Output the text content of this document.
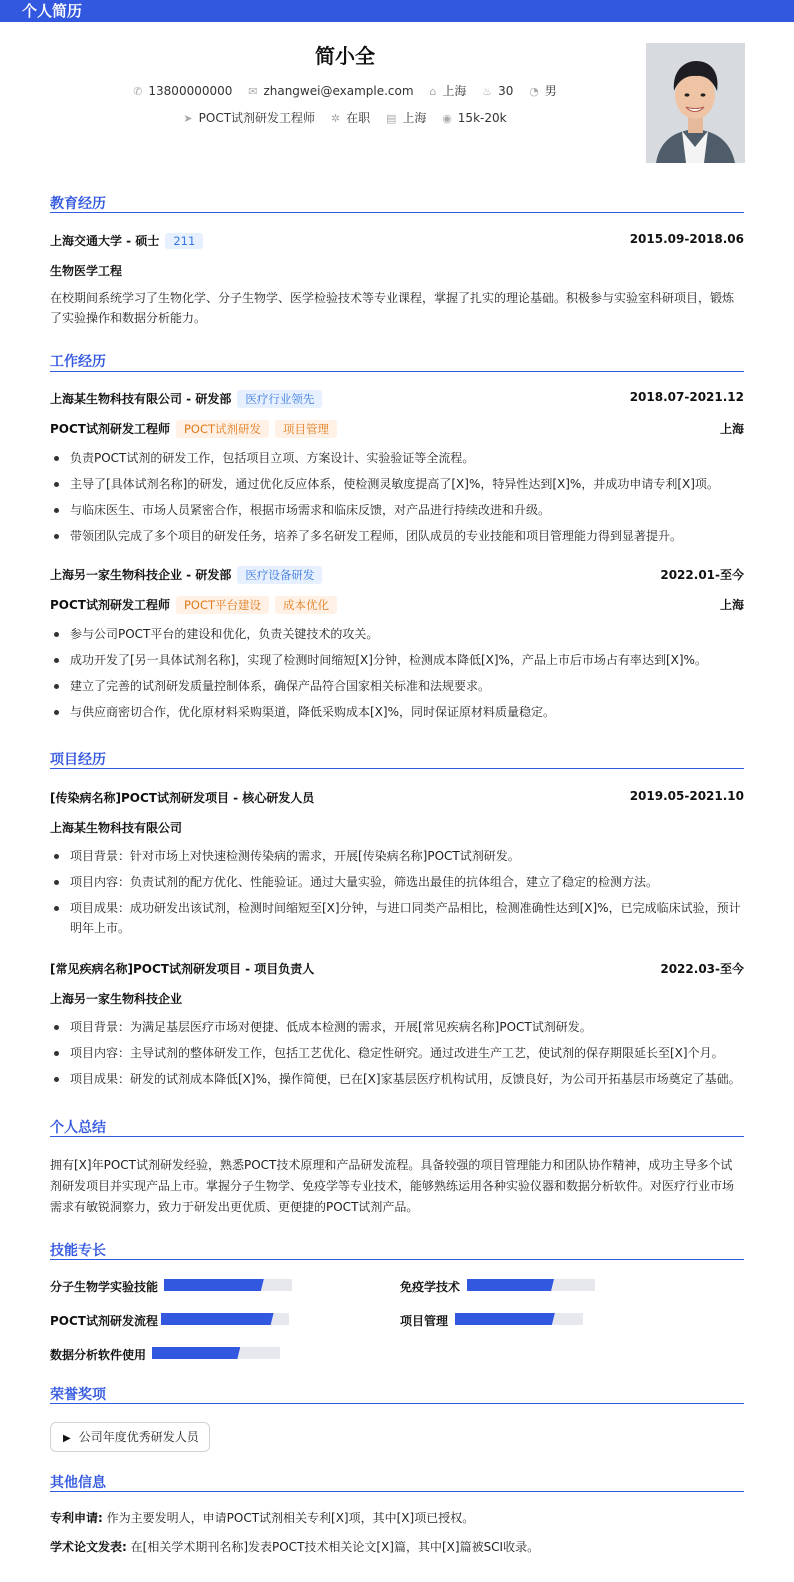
个人简历
简小全
✆ 13800000000 ✉ zhangwei@example.com ⌂ 上海 ♨ 30 ◔ 男
➤ POCT试剂研发工程师 ✲ 在职 ▤ 上海 ◉ 15k-20k
教育经历
上海交通大学 - 硕士 211	2015.09-2018.06
生物医学工程
在校期间系统学习了生物化学、分子生物学、医学检验技术等专业课程，掌握了扎实的理论基础。积极参与实验室科研项目，锻炼了实验操作和数据分析能力。
工作经历
上海某生物科技有限公司 - 研发部 医疗行业领先	2018.07-2021.12
POCT试剂研发工程师 POCT试剂研发 项目管理	上海
负责POCT试剂的研发工作，包括项目立项、方案设计、实验验证等全流程。
主导了[具体试剂名称]的研发，通过优化反应体系，使检测灵敏度提高了[X]%，特异性达到[X]%，并成功申请专利[X]项。
与临床医生、市场人员紧密合作，根据市场需求和临床反馈，对产品进行持续改进和升级。
带领团队完成了多个项目的研发任务，培养了多名研发工程师，团队成员的专业技能和项目管理能力得到显著提升。
上海另一家生物科技企业 - 研发部 医疗设备研发	2022.01-至今
POCT试剂研发工程师 POCT平台建设 成本优化	上海
参与公司POCT平台的建设和优化，负责关键技术的攻关。
成功开发了[另一具体试剂名称]，实现了检测时间缩短[X]分钟，检测成本降低[X]%，产品上市后市场占有率达到[X]%。
建立了完善的试剂研发质量控制体系，确保产品符合国家相关标准和法规要求。
与供应商密切合作，优化原材料采购渠道，降低采购成本[X]%，同时保证原材料质量稳定。
项目经历
[传染病名称]POCT试剂研发项目 - 核心研发人员	2019.05-2021.10
上海某生物科技有限公司
项目背景：针对市场上对快速检测传染病的需求，开展[传染病名称]POCT试剂研发。
项目内容：负责试剂的配方优化、性能验证。通过大量实验，筛选出最佳的抗体组合，建立了稳定的检测方法。
项目成果：成功研发出该试剂，检测时间缩短至[X]分钟，与进口同类产品相比，检测准确性达到[X]%，已完成临床试验，预计明年上市。
[常见疾病名称]POCT试剂研发项目 - 项目负责人	2022.03-至今
上海另一家生物科技企业
项目背景：为满足基层医疗市场对便捷、低成本检测的需求，开展[常见疾病名称]POCT试剂研发。
项目内容：主导试剂的整体研发工作，包括工艺优化、稳定性研究。通过改进生产工艺，使试剂的保存期限延长至[X]个月。
项目成果：研发的试剂成本降低[X]%，操作简便，已在[X]家基层医疗机构试用，反馈良好，为公司开拓基层市场奠定了基础。
个人总结
拥有[X]年POCT试剂研发经验，熟悉POCT技术原理和产品研发流程。具备较强的项目管理能力和团队协作精神，成功主导多个试剂研发项目并实现产品上市。掌握分子生物学、免疫学等专业技术，能够熟练运用各种实验仪器和数据分析软件。对医疗行业市场需求有敏锐洞察力，致力于研发出更优质、更便捷的POCT试剂产品。
技能专长
分子生物学实验技能	免疫学技术
POCT试剂研发流程	项目管理
数据分析软件使用
荣誉奖项
▶ 公司年度优秀研发人员
其他信息
专利申请: 作为主要发明人，申请POCT试剂相关专利[X]项，其中[X]项已授权。
学术论文发表: 在[相关学术期刊名称]发表POCT技术相关论文[X]篇，其中[X]篇被SCI收录。
